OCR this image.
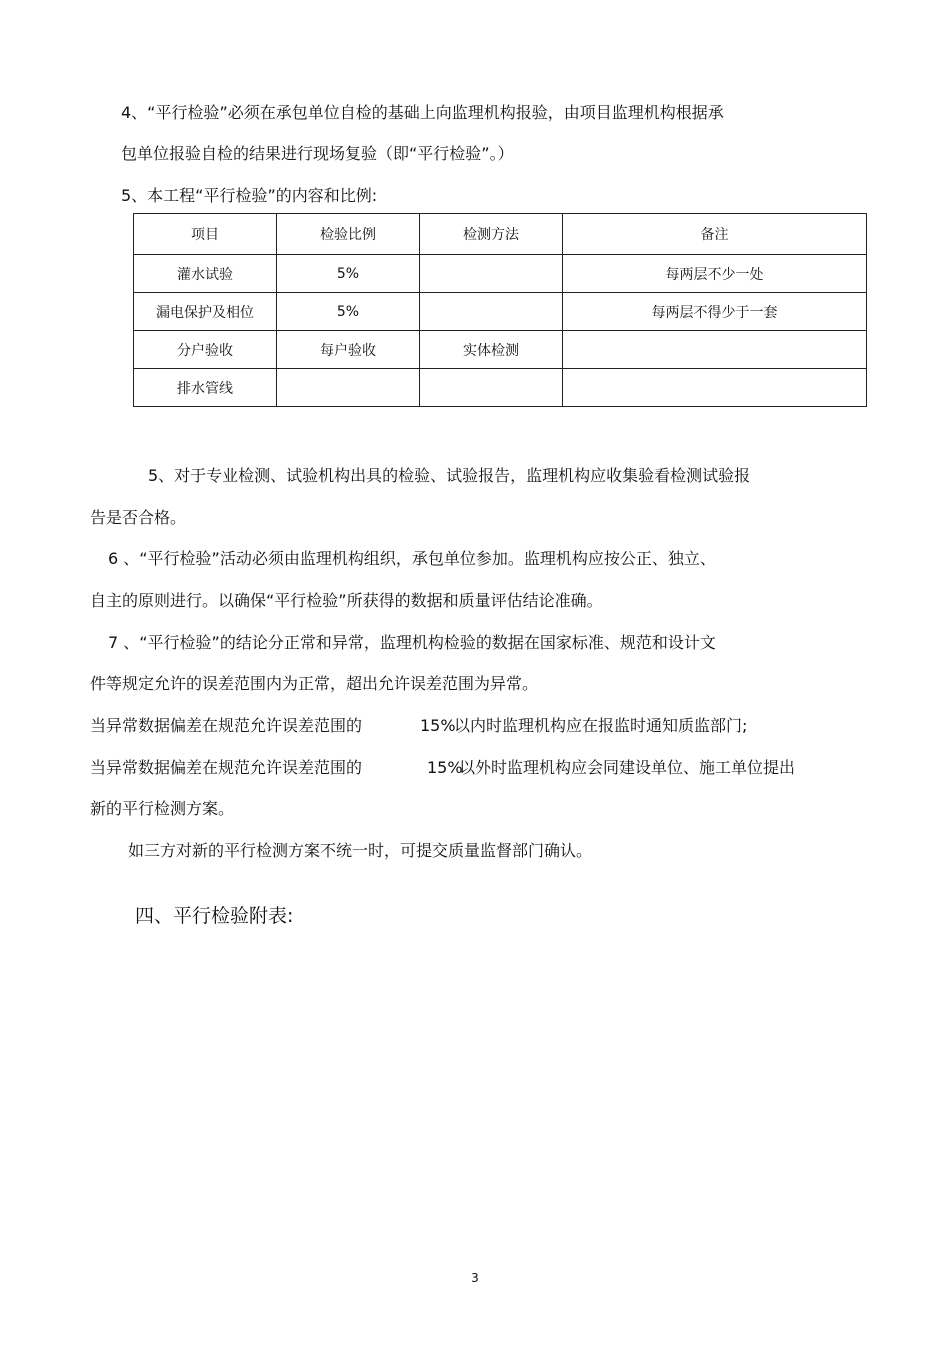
4、“平行检验”必须在承包单位自检的基础上向监理机构报验，由项目监理机构根据承

包单位报验自检的结果进行现场复验（即“平行检验”。）

5、本工程“平行检验”的内容和比例:

项目	检验比例	检测方法	备注
灌水试验	5%		每两层不少一处
漏电保护及相位	5%		每两层不得少于一套
分户验收	每户验收	实体检测	
排水管线			

5、对于专业检测、试验机构出具的检验、试验报告，监理机构应收集验看检测试验报

告是否合格。

6 、“平行检验”活动必须由监理机构组织，承包单位参加。监理机构应按公正、独立、

自主的原则进行。以确保“平行检验”所获得的数据和质量评估结论准确。

7 、“平行检验”的结论分正常和异常，监理机构检验的数据在国家标准、规范和设计文

件等规定允许的误差范围内为正常，超出允许误差范围为异常。

当异常数据偏差在规范允许误差范围的	15%
以内时监理机构应在报监时通知质监部门;
当异常数据偏差在规范允许误差范围的	15%
以外时监理机构应会同建设单位、施工单位提出

新的平行检测方案。

如三方对新的平行检测方案不统一时，可提交质量监督部门确认。

四、平行检验附表:
3
